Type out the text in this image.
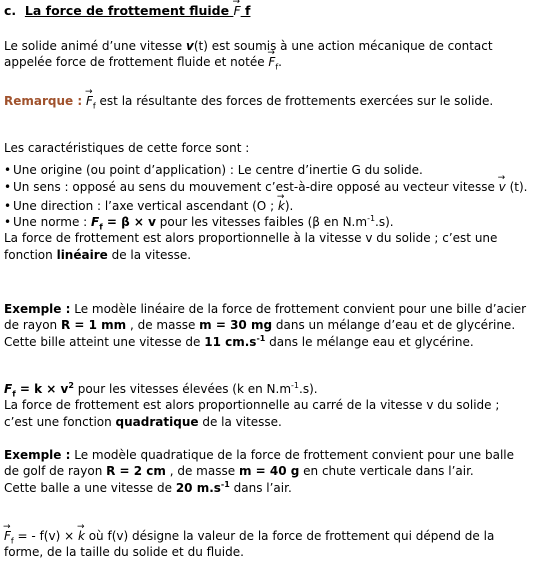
c. La force de frottement fluide → F f
Le solide animé d’une vitesse v(t) est soumis à une action mécanique de contact appelée force de frottement fluide et notée → $F_f$.
Remarque : → $F_f$ est la résultante des forces de frottements exercées sur le solide.
Les caractéristiques de cette force sont :
• Une origine (ou point d’application) : Le centre d’inertie G du solide.
• Un sens : opposé au sens du mouvement c’est-à-dire opposé au vecteur vitesse → v (t).
• Une direction : l’axe vertical ascendant (O ; → k).
• Une norme : $F_f = \beta \times v$ pour les vitesses faibles (β en $N.m^{-1}.s$).
La force de frottement est alors proportionnelle à la vitesse v du solide ; c’est une fonction linéaire de la vitesse.
Exemple : Le modèle linéaire de la force de frottement convient pour une bille d’acier de rayon R = 1 mm , de masse m = 30 mg dans un mélange d’eau et de glycérine.
Cette bille atteint une vitesse de 11 $cm.s^{-1}$ dans le mélange eau et glycérine.
$F_f = k \times v^2$ pour les vitesses élevées (k en $N.m^{-1}.s$).
La force de frottement est alors proportionnelle au carré de la vitesse v du solide ; c’est une fonction quadratique de la vitesse.
Exemple : Le modèle quadratique de la force de frottement convient pour une balle de golf de rayon R = 2 cm , de masse m = 40 g en chute verticale dans l’air.
Cette balle a une vitesse de 20 $m.s^{-1}$ dans l’air.
→ $F_f$ = - f(v) × → k où f(v) désigne la valeur de la force de frottement qui dépend de la forme, de la taille du solide et du fluide.
